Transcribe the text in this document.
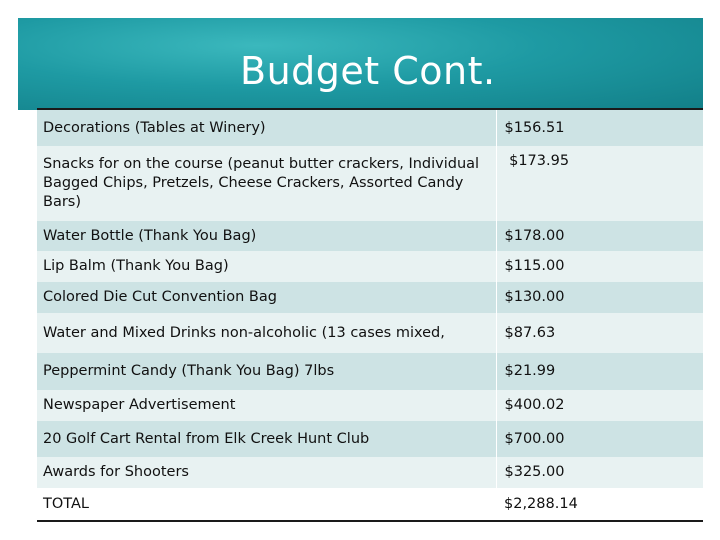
Budget Cont.
Decorations (Tables at Winery)	$156.51
Snacks for on the course (peanut butter crackers, Individual Bagged Chips, Pretzels, Cheese Crackers, Assorted Candy Bars)	$173.95
Water Bottle (Thank You Bag)	$178.00
Lip Balm (Thank You Bag)	$115.00
Colored Die Cut Convention Bag	$130.00
Water and Mixed Drinks non-alcoholic (13 cases mixed,	$87.63
Peppermint Candy (Thank You Bag) 7lbs	$21.99
Newspaper Advertisement	$400.02
20 Golf Cart Rental from Elk Creek Hunt Club	$700.00
Awards for Shooters	$325.00
TOTAL	$2,288.14
